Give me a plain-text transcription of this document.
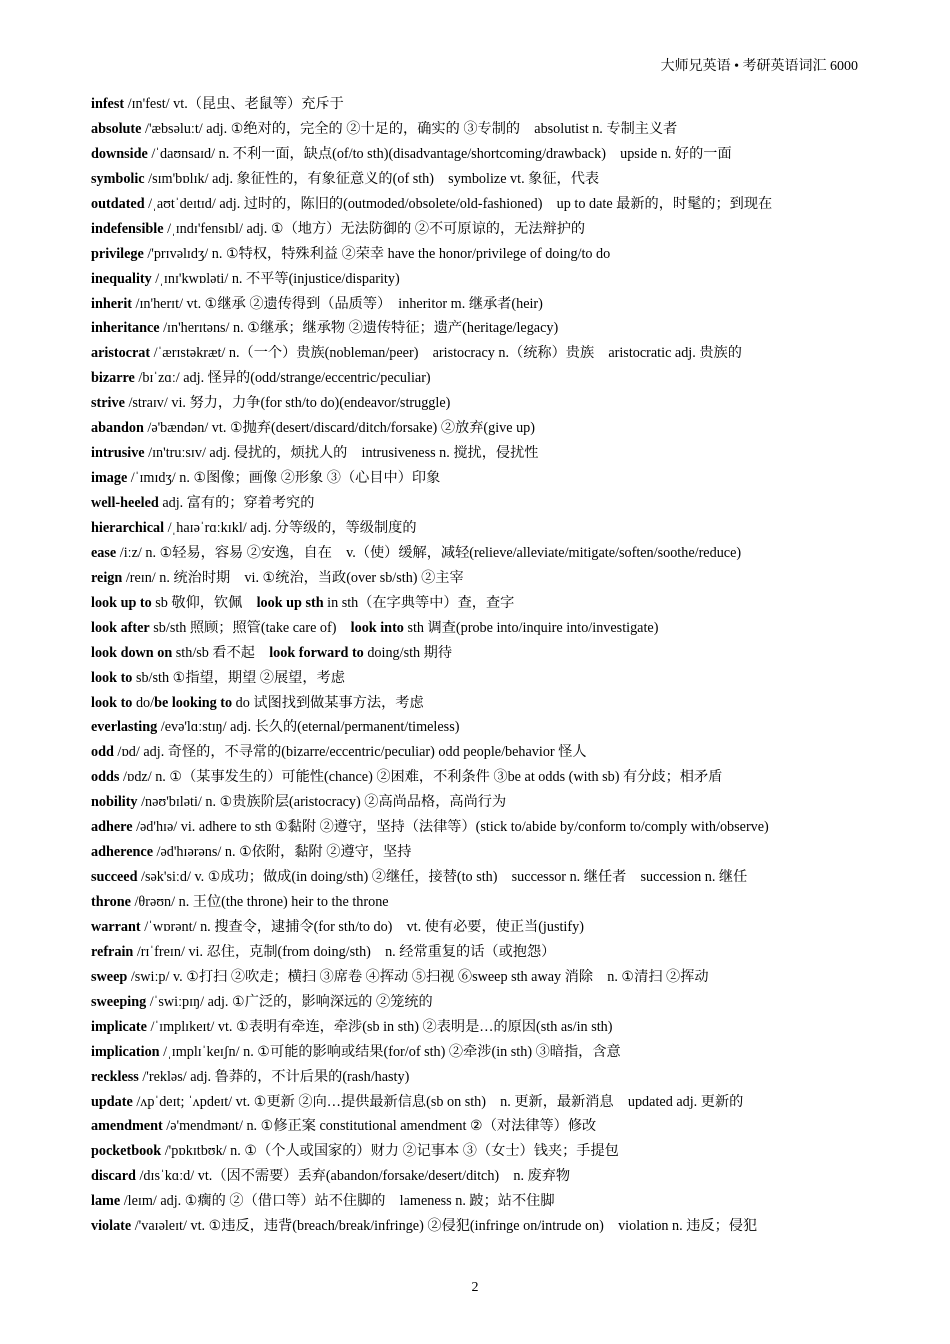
大师兄英语 • 考研英语词汇 6000
infest /ɪn'fest/ vt.（昆虫、老鼠等）充斥于
absolute /'æbsəluːt/ adj. ①绝对的，完全的 ②十足的，确实的 ③专制的　absolutist n. 专制主义者
downside /ˈdaʊnsaɪd/ n. 不利一面，缺点(of/to sth)(disadvantage/shortcoming/drawback)　upside n. 好的一面
symbolic /sɪm'bɒlɪk/ adj. 象征性的，有象征意义的(of sth)　symbolize vt. 象征，代表
outdated /ˌaʊtˈdeɪtɪd/ adj. 过时的，陈旧的(outmoded/obsolete/old-fashioned)　up to date 最新的，时髦的；到现在
indefensible /ˌɪndɪ'fensɪbl/ adj. ①（地方）无法防御的 ②不可原谅的，无法辩护的
privilege /'prɪvəlɪdʒ/ n. ①特权，特殊利益 ②荣幸 have the honor/privilege of doing/to do
inequality /ˌɪnɪ'kwɒləti/ n. 不平等(injustice/disparity)
inherit /ɪn'herɪt/ vt. ①继承 ②遗传得到（品质等）　inheritor m. 继承者(heir)
inheritance /ɪn'herɪtəns/ n. ①继承；继承物 ②遗传特征；遗产(heritage/legacy)
aristocrat /ˈærɪstəkræt/ n.（一个）贵族(nobleman/peer)　aristocracy n.（统称）贵族　aristocratic adj. 贵族的
bizarre /bɪˈzɑː/ adj. 怪异的(odd/strange/eccentric/peculiar)
strive /straɪv/ vi. 努力，力争(for sth/to do)(endeavor/struggle)
abandon /ə'bændən/ vt. ①抛弃(desert/discard/ditch/forsake) ②放弃(give up)
intrusive /ɪn'truːsɪv/ adj. 侵扰的，烦扰人的　intrusiveness n. 搅扰，侵扰性
image /ˈɪmɪdʒ/ n. ①图像；画像 ②形象 ③（心目中）印象
well-heeled adj. 富有的；穿着考究的
hierarchical /ˌhaɪəˈrɑːkɪkl/ adj. 分等级的，等级制度的
ease /iːz/ n. ①轻易，容易 ②安逸，自在　v.（使）缓解，减轻(relieve/alleviate/mitigate/soften/soothe/reduce)
reign /reɪn/ n. 统治时期　vi. ①统治，当政(over sb/sth) ②主宰
look up to sb 敬仰，钦佩　look up sth in sth（在字典等中）查，查字
look after sb/sth 照顾；照管(take care of)　look into sth 调查(probe into/inquire into/investigate)
look down on sth/sb 看不起　look forward to doing/sth 期待
look to sb/sth ①指望，期望 ②展望，考虑
look to do/be looking to do 试图找到做某事方法，考虑
everlasting /evə'lɑːstɪŋ/ adj. 长久的(eternal/permanent/timeless)
odd /ɒd/ adj. 奇怪的，不寻常的(bizarre/eccentric/peculiar) odd people/behavior 怪人
odds /ɒdz/ n. ①（某事发生的）可能性(chance) ②困难，不利条件 ③be at odds (with sb) 有分歧；相矛盾
nobility /nəʊ'bɪləti/ n. ①贵族阶层(aristocracy) ②高尚品格，高尚行为
adhere /əd'hɪə/ vi. adhere to sth ①黏附 ②遵守，坚持（法律等）(stick to/abide by/conform to/comply with/observe)
adherence /əd'hɪərəns/ n. ①依附，黏附 ②遵守，坚持
succeed /sək'siːd/ v. ①成功；做成(in doing/sth) ②继任，接替(to sth)　successor n. 继任者　succession n. 继任
throne /θrəʊn/ n. 王位(the throne) heir to the throne
warrant /ˈwɒrənt/ n. 搜查令，逮捕令(for sth/to do)　vt. 使有必要，使正当(justify)
refrain /rɪˈfreɪn/ vi. 忍住，克制(from doing/sth)　n. 经常重复的话（或抱怨）
sweep /swiːp/ v. ①打扫 ②吹走；横扫 ③席卷 ④挥动 ⑤扫视 ⑥sweep sth away 消除　n. ①清扫 ②挥动
sweeping /ˈswiːpɪŋ/ adj. ①广泛的，影响深远的 ②笼统的
implicate /ˈɪmplɪkeɪt/ vt. ①表明有牵连，牵涉(sb in sth) ②表明是…的原因(sth as/in sth)
implication /ˌɪmplɪˈkeɪʃn/ n. ①可能的影响或结果(for/of sth) ②牵涉(in sth) ③暗指，含意
reckless /'rekləs/ adj. 鲁莽的，不计后果的(rash/hasty)
update /ʌpˈdeɪt; ˈʌpdeɪt/ vt. ①更新 ②向…提供最新信息(sb on sth)　n. 更新，最新消息　updated adj. 更新的
amendment /ə'mendmənt/ n. ①修正案 constitutional amendment ②（对法律等）修改
pocketbook /'pɒkɪtbʊk/ n. ①（个人或国家的）财力 ②记事本 ③（女士）钱夹；手提包
discard /dɪsˈkɑːd/ vt.（因不需要）丢弃(abandon/forsake/desert/ditch)　n. 废弃物
lame /leɪm/ adj. ①瘸的 ②（借口等）站不住脚的　lameness n. 跛；站不住脚
violate /'vaɪəleɪt/ vt. ①违反，违背(breach/break/infringe) ②侵犯(infringe on/intrude on)　violation n. 违反；侵犯
2
